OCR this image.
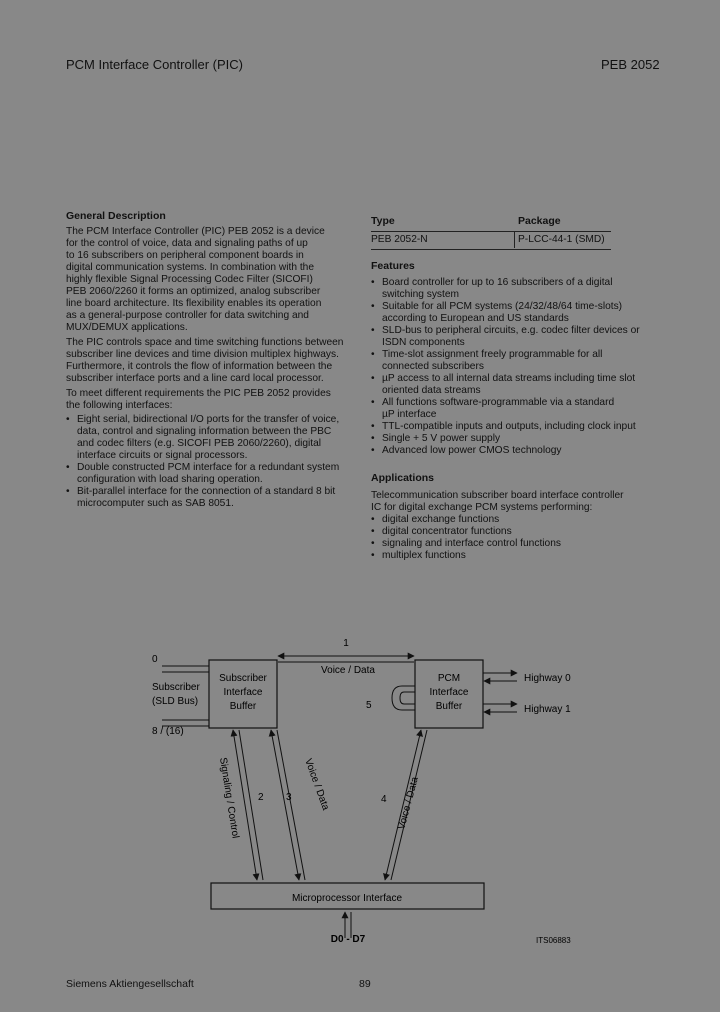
PCM Interface Controller (PIC)	PEB 2052
General Description
The PCM Interface Controller (PIC) PEB 2052 is a device
for the control of voice, data and signaling paths of up
to 16 subscribers on peripheral component boards in
digital communication systems. In combination with the
highly flexible Signal Processing Codec Filter (SICOFI)
PEB 2060/2260 it forms an optimized, analog subscriber
line board architecture. Its flexibility enables its operation
as a general-purpose controller for data switching and
MUX/DEMUX applications.
The PIC controls space and time switching functions between
subscriber line devices and time division multiplex highways.
Furthermore, it controls the flow of information between the
subscriber interface ports and a line card local processor.
To meet different requirements the PIC PEB 2052 provides
the following interfaces:
• Eight serial, bidirectional I/O ports for the transfer of voice,
data, control and signaling information between the PBC
and codec filters (e.g. SICOFI PEB 2060/2260), digital
interface circuits or signal processors.
• Double constructed PCM interface for a redundant system
configuration with load sharing operation.
• Bit-parallel interface for the connection of a standard 8 bit
microcomputer such as SAB 8051.
Type	Package
PEB 2052-N	P-LCC-44-1 (SMD)
Features
• Board controller for up to 16 subscribers of a digital
switching system
• Suitable for all PCM systems (24/32/48/64 time-slots)
according to European and US standards
• SLD-bus to peripheral circuits, e.g. codec filter devices or
ISDN components
• Time-slot assignment freely programmable for all
connected subscribers
• µP access to all internal data streams including time slot
oriented data streams
• All functions software-programmable via a standard
µP interface
• TTL-compatible inputs and outputs, including clock input
• Single + 5 V power supply
• Advanced low power CMOS technology
Applications
Telecommunication subscriber board interface controller
IC for digital exchange PCM systems performing:
• digital exchange functions
• digital concentrator functions
• signaling and interface control functions
• multiplex functions
Subscriber
Interface
Buffer
PCM
Interface
Buffer
Microprocessor Interface
0
8 / (16)
Subscriber
(SLD Bus)
Highway 0
Highway 1
1
Voice / Data
5
2
Signaling / Control	3 Voice / Data	4 Voice / Data
D0 - D7	ITS06883
Siemens Aktiengesellschaft	89
